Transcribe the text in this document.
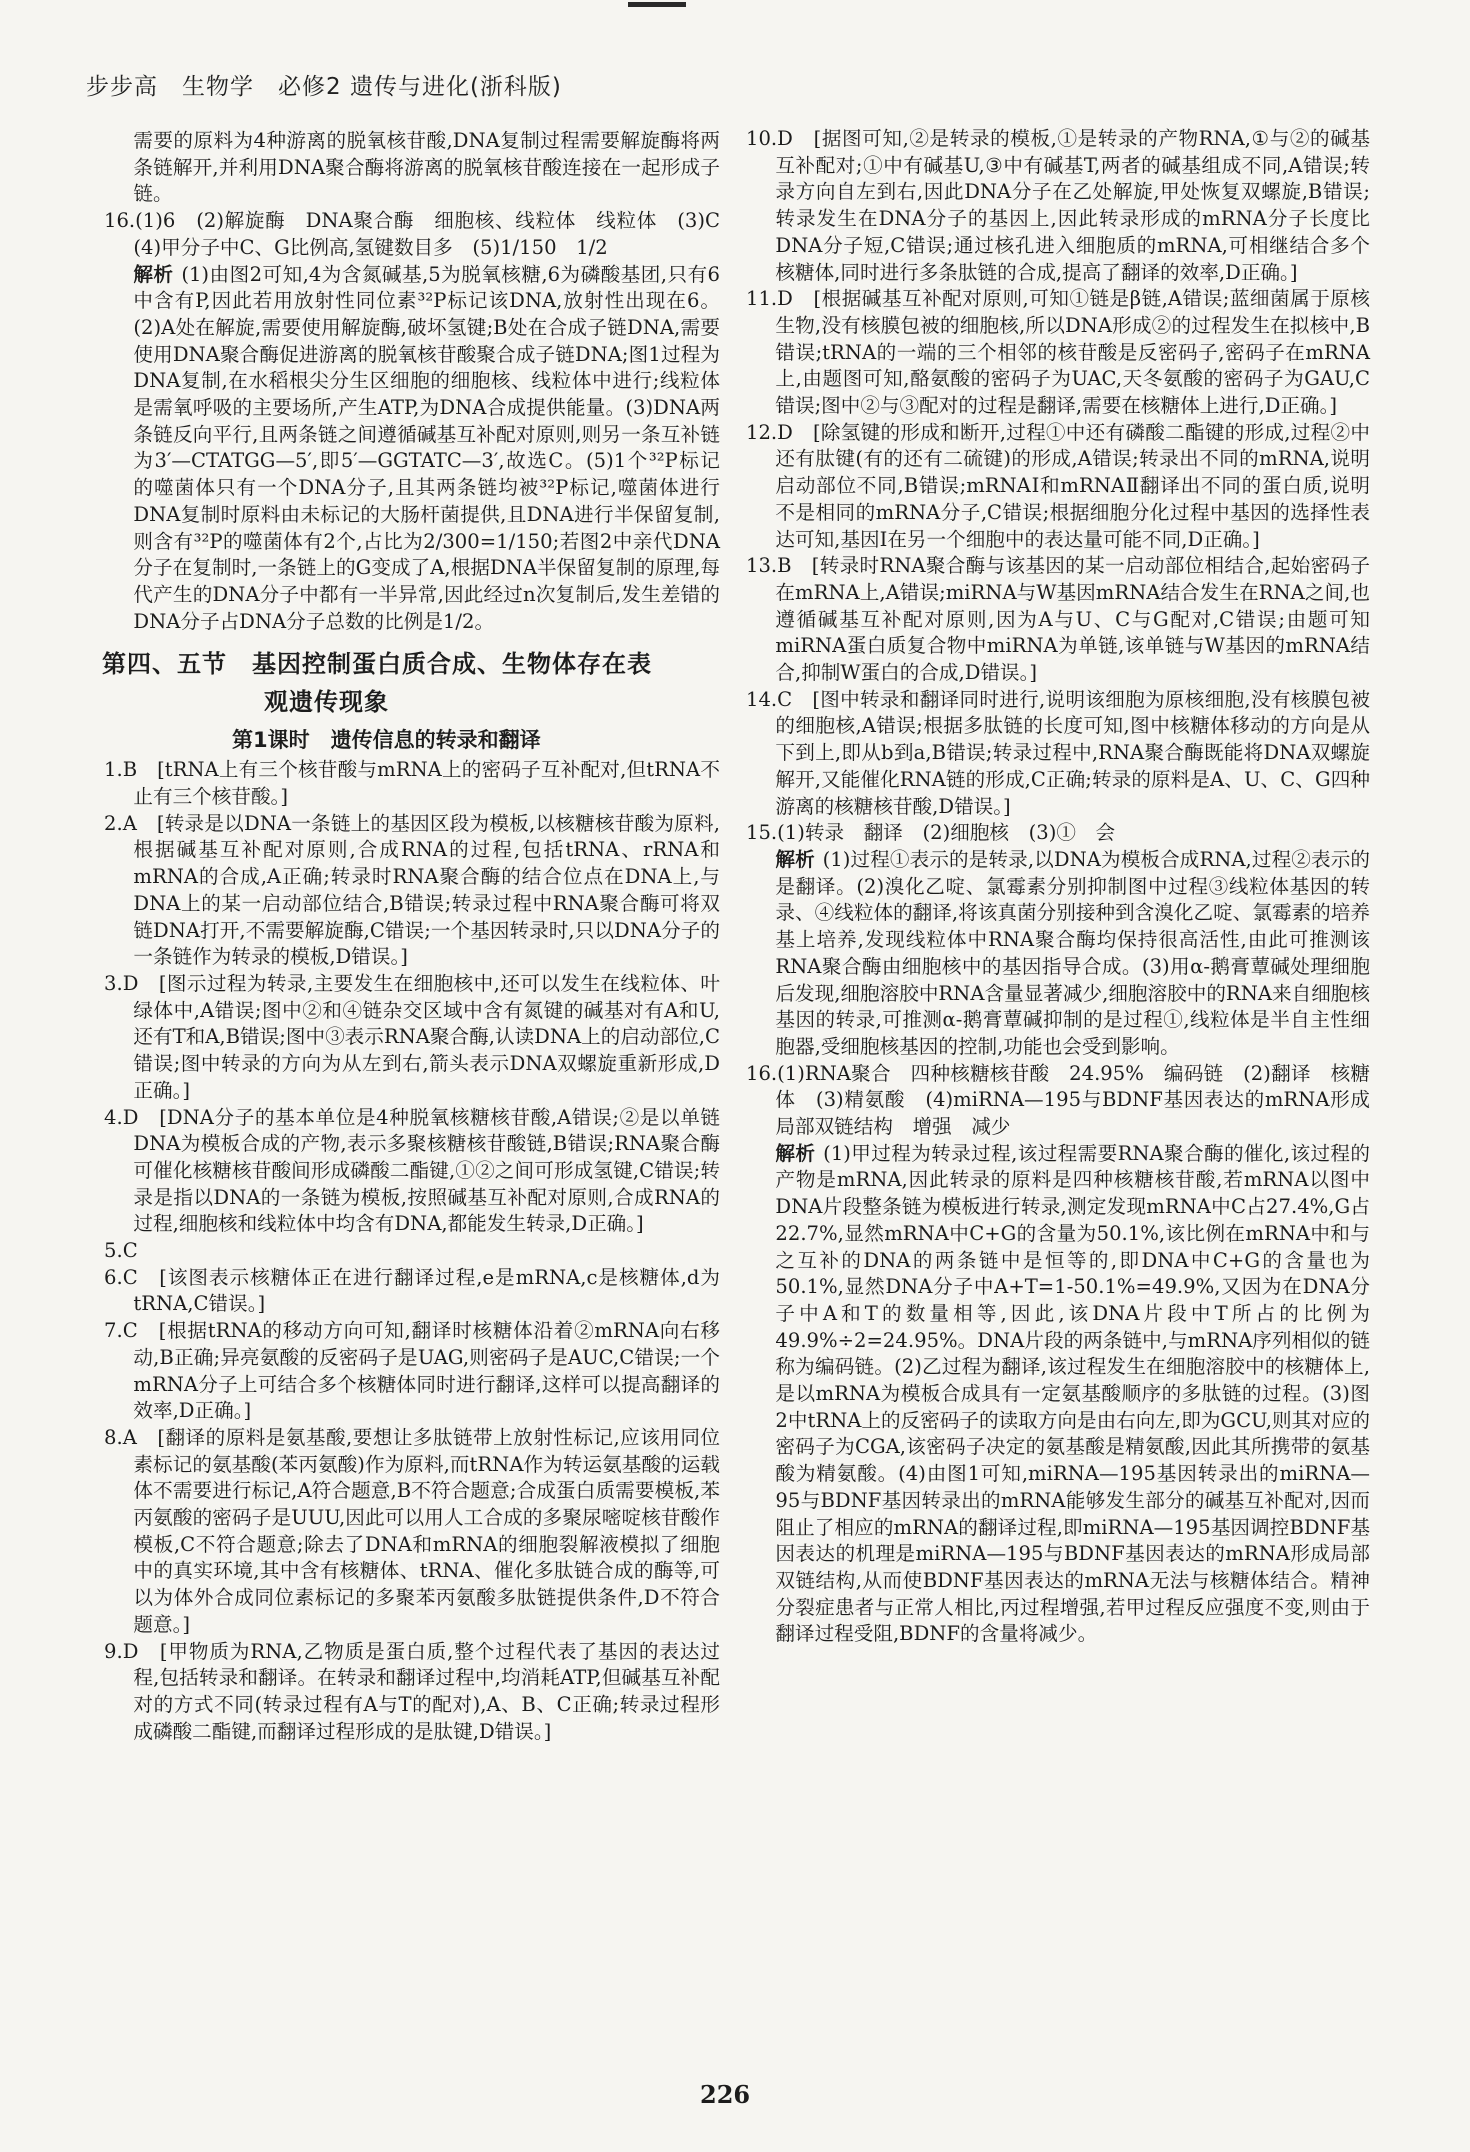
步步高　生物学　必修2 遗传与进化(浙科版)

需要的原料为4种游离的脱氧核苷酸,DNA复制过程需要解旋酶将两条链解开,并利用DNA聚合酶将游离的脱氧核苷酸连接在一起形成子链。

16.(1)6　(2)解旋酶　DNA聚合酶　细胞核、线粒体　线粒体　(3)C　(4)甲分子中C、G比例高,氢键数目多　(5)1/150　1/2

解析 (1)由图2可知,4为含氮碱基,5为脱氧核糖,6为磷酸基团,只有6中含有P,因此若用放射性同位素³²P标记该DNA,放射性出现在6。(2)A处在解旋,需要使用解旋酶,破坏氢键;B处在合成子链DNA,需要使用DNA聚合酶促进游离的脱氧核苷酸聚合成子链DNA;图1过程为DNA复制,在水稻根尖分生区细胞的细胞核、线粒体中进行;线粒体是需氧呼吸的主要场所,产生ATP,为DNA合成提供能量。(3)DNA两条链反向平行,且两条链之间遵循碱基互补配对原则,则另一条互补链为3′—CTATGG—5′,即5′—GGTATC—3′,故选C。(5)1个³²P标记的噬菌体只有一个DNA分子,且其两条链均被³²P标记,噬菌体进行DNA复制时原料由未标记的大肠杆菌提供,且DNA进行半保留复制,则含有³²P的噬菌体有2个,占比为2/300=1/150;若图2中亲代DNA分子在复制时,一条链上的G变成了A,根据DNA半保留复制的原理,每代产生的DNA分子中都有一半异常,因此经过n次复制后,发生差错的DNA分子占DNA分子总数的比例是1/2。

第四、五节　基因控制蛋白质合成、生物体存在表
观遗传现象
第1课时　遗传信息的转录和翻译

1.B　[tRNA上有三个核苷酸与mRNA上的密码子互补配对,但tRNA不止有三个核苷酸。]

2.A　[转录是以DNA一条链上的基因区段为模板,以核糖核苷酸为原料,根据碱基互补配对原则,合成RNA的过程,包括tRNA、rRNA和mRNA的合成,A正确;转录时RNA聚合酶的结合位点在DNA上,与DNA上的某一启动部位结合,B错误;转录过程中RNA聚合酶可将双链DNA打开,不需要解旋酶,C错误;一个基因转录时,只以DNA分子的一条链作为转录的模板,D错误。]

3.D　[图示过程为转录,主要发生在细胞核中,还可以发生在线粒体、叶绿体中,A错误;图中②和④链杂交区域中含有氮键的碱基对有A和U,还有T和A,B错误;图中③表示RNA聚合酶,认读DNA上的启动部位,C错误;图中转录的方向为从左到右,箭头表示DNA双螺旋重新形成,D正确。]

4.D　[DNA分子的基本单位是4种脱氧核糖核苷酸,A错误;②是以单链DNA为模板合成的产物,表示多聚核糖核苷酸链,B错误;RNA聚合酶可催化核糖核苷酸间形成磷酸二酯键,①②之间可形成氢键,C错误;转录是指以DNA的一条链为模板,按照碱基互补配对原则,合成RNA的过程,细胞核和线粒体中均含有DNA,都能发生转录,D正确。]

5.C

6.C　[该图表示核糖体正在进行翻译过程,e是mRNA,c是核糖体,d为tRNA,C错误。]

7.C　[根据tRNA的移动方向可知,翻译时核糖体沿着②mRNA向右移动,B正确;异亮氨酸的反密码子是UAG,则密码子是AUC,C错误;一个mRNA分子上可结合多个核糖体同时进行翻译,这样可以提高翻译的效率,D正确。]

8.A　[翻译的原料是氨基酸,要想让多肽链带上放射性标记,应该用同位素标记的氨基酸(苯丙氨酸)作为原料,而tRNA作为转运氨基酸的运载体不需要进行标记,A符合题意,B不符合题意;合成蛋白质需要模板,苯丙氨酸的密码子是UUU,因此可以用人工合成的多聚尿嘧啶核苷酸作模板,C不符合题意;除去了DNA和mRNA的细胞裂解液模拟了细胞中的真实环境,其中含有核糖体、tRNA、催化多肽链合成的酶等,可以为体外合成同位素标记的多聚苯丙氨酸多肽链提供条件,D不符合题意。]

9.D　[甲物质为RNA,乙物质是蛋白质,整个过程代表了基因的表达过程,包括转录和翻译。在转录和翻译过程中,均消耗ATP,但碱基互补配对的方式不同(转录过程有A与T的配对),A、B、C正确;转录过程形成磷酸二酯键,而翻译过程形成的是肽键,D错误。]

10.D　[据图可知,②是转录的模板,①是转录的产物RNA,①与②的碱基互补配对;①中有碱基U,③中有碱基T,两者的碱基组成不同,A错误;转录方向自左到右,因此DNA分子在乙处解旋,甲处恢复双螺旋,B错误;转录发生在DNA分子的基因上,因此转录形成的mRNA分子长度比DNA分子短,C错误;通过核孔进入细胞质的mRNA,可相继结合多个核糖体,同时进行多条肽链的合成,提高了翻译的效率,D正确。]

11.D　[根据碱基互补配对原则,可知①链是β链,A错误;蓝细菌属于原核生物,没有核膜包被的细胞核,所以DNA形成②的过程发生在拟核中,B错误;tRNA的一端的三个相邻的核苷酸是反密码子,密码子在mRNA上,由题图可知,酪氨酸的密码子为UAC,天冬氨酸的密码子为GAU,C错误;图中②与③配对的过程是翻译,需要在核糖体上进行,D正确。]

12.D　[除氢键的形成和断开,过程①中还有磷酸二酯键的形成,过程②中还有肽键(有的还有二硫键)的形成,A错误;转录出不同的mRNA,说明启动部位不同,B错误;mRNAⅠ和mRNAⅡ翻译出不同的蛋白质,说明不是相同的mRNA分子,C错误;根据细胞分化过程中基因的选择性表达可知,基因Ⅰ在另一个细胞中的表达量可能不同,D正确。]

13.B　[转录时RNA聚合酶与该基因的某一启动部位相结合,起始密码子在mRNA上,A错误;miRNA与W基因mRNA结合发生在RNA之间,也遵循碱基互补配对原则,因为A与U、C与G配对,C错误;由题可知miRNA蛋白质复合物中miRNA为单链,该单链与W基因的mRNA结合,抑制W蛋白的合成,D错误。]

14.C　[图中转录和翻译同时进行,说明该细胞为原核细胞,没有核膜包被的细胞核,A错误;根据多肽链的长度可知,图中核糖体移动的方向是从下到上,即从b到a,B错误;转录过程中,RNA聚合酶既能将DNA双螺旋解开,又能催化RNA链的形成,C正确;转录的原料是A、U、C、G四种游离的核糖核苷酸,D错误。]

15.(1)转录　翻译　(2)细胞核　(3)①　会

解析 (1)过程①表示的是转录,以DNA为模板合成RNA,过程②表示的是翻译。(2)溴化乙啶、氯霉素分别抑制图中过程③线粒体基因的转录、④线粒体的翻译,将该真菌分别接种到含溴化乙啶、氯霉素的培养基上培养,发现线粒体中RNA聚合酶均保持很高活性,由此可推测该RNA聚合酶由细胞核中的基因指导合成。(3)用α-鹅膏蕈碱处理细胞后发现,细胞溶胶中RNA含量显著减少,细胞溶胶中的RNA来自细胞核基因的转录,可推测α-鹅膏蕈碱抑制的是过程①,线粒体是半自主性细胞器,受细胞核基因的控制,功能也会受到影响。

16.(1)RNA聚合　四种核糖核苷酸　24.95%　编码链　(2)翻译　核糖体　(3)精氨酸　(4)miRNA—195与BDNF基因表达的mRNA形成局部双链结构　增强　减少

解析 (1)甲过程为转录过程,该过程需要RNA聚合酶的催化,该过程的产物是mRNA,因此转录的原料是四种核糖核苷酸,若mRNA以图中DNA片段整条链为模板进行转录,测定发现mRNA中C占27.4%,G占22.7%,显然mRNA中C+G的含量为50.1%,该比例在mRNA中和与之互补的DNA的两条链中是恒等的,即DNA中C+G的含量也为50.1%,显然DNA分子中A+T=1-50.1%=49.9%,又因为在DNA分子中A和T的数量相等,因此,该DNA片段中T所占的比例为49.9%÷2=24.95%。DNA片段的两条链中,与mRNA序列相似的链称为编码链。(2)乙过程为翻译,该过程发生在细胞溶胶中的核糖体上,是以mRNA为模板合成具有一定氨基酸顺序的多肽链的过程。(3)图2中tRNA上的反密码子的读取方向是由右向左,即为GCU,则其对应的密码子为CGA,该密码子决定的氨基酸是精氨酸,因此其所携带的氨基酸为精氨酸。(4)由图1可知,miRNA—195基因转录出的miRNA—95与BDNF基因转录出的mRNA能够发生部分的碱基互补配对,因而阻止了相应的mRNA的翻译过程,即miRNA—195基因调控BDNF基因表达的机理是miRNA—195与BDNF基因表达的mRNA形成局部双链结构,从而使BDNF基因表达的mRNA无法与核糖体结合。精神分裂症患者与正常人相比,丙过程增强,若甲过程反应强度不变,则由于翻译过程受阻,BDNF的含量将减少。

226
